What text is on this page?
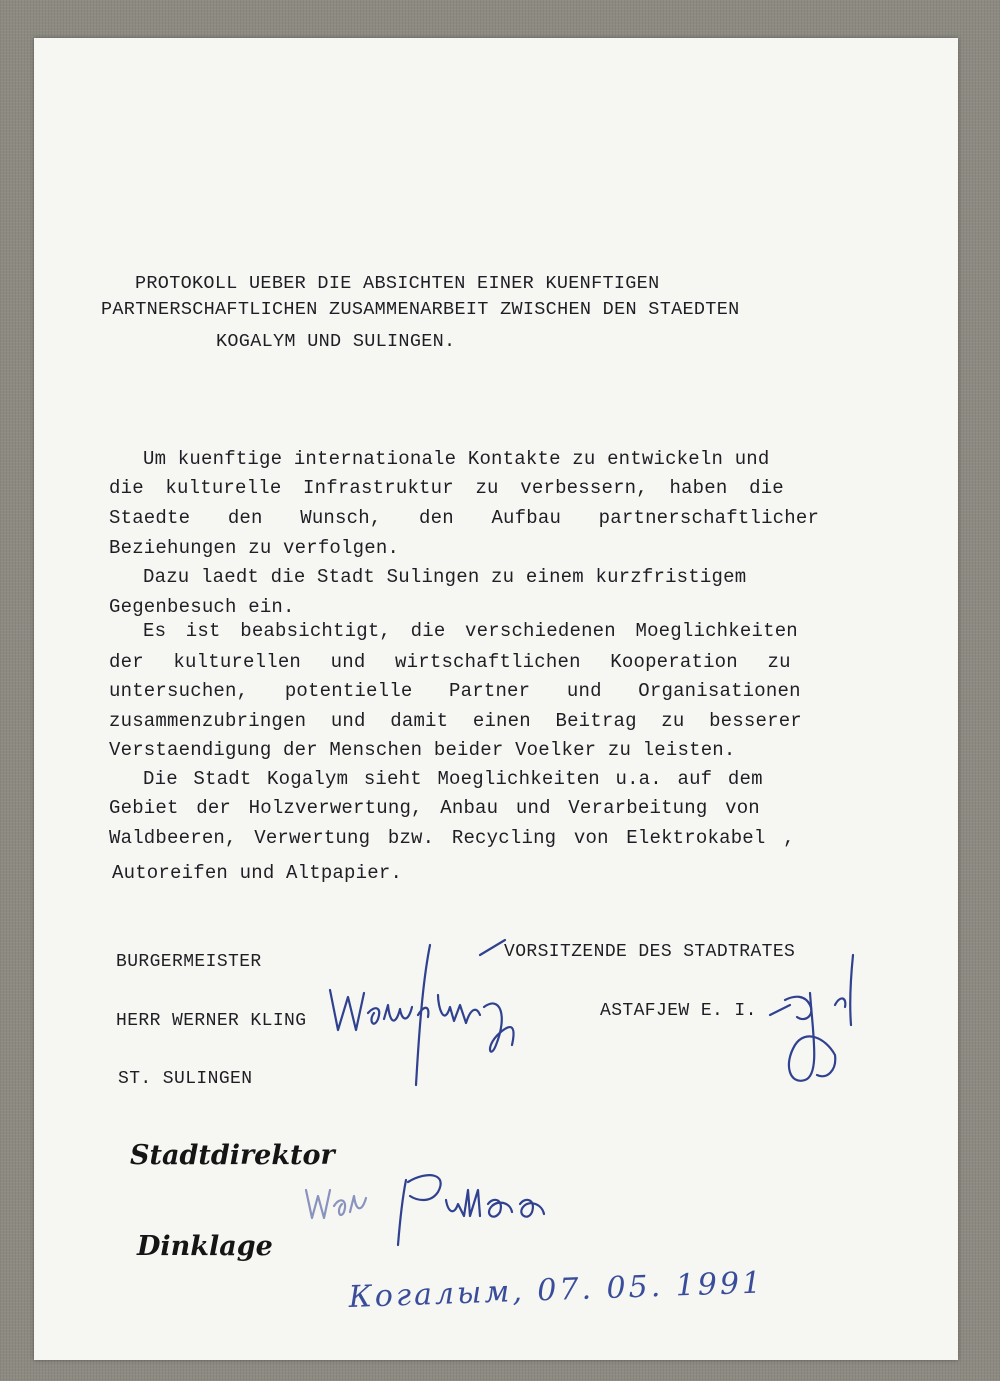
PROTOKOLL UEBER DIE ABSICHTEN EINER KUENFTIGEN
PARTNERSCHAFTLICHEN ZUSAMMENARBEIT ZWISCHEN DEN STAEDTEN
KOGALYM UND SULINGEN.
Um kuenftige internationale Kontakte zu entwickeln und
die kulturelle Infrastruktur zu verbessern, haben die
Staedte den Wunsch, den Aufbau partnerschaftlicher
Beziehungen zu verfolgen.
Dazu laedt die Stadt Sulingen zu einem kurzfristigem
Gegenbesuch ein.
Es ist beabsichtigt, die verschiedenen Moeglichkeiten
der kulturellen und wirtschaftlichen Kooperation zu
untersuchen, potentielle Partner und Organisationen
zusammenzubringen und damit einen Beitrag zu besserer
Verstaendigung der Menschen beider Voelker zu leisten.
Die Stadt Kogalym sieht Moeglichkeiten u.a. auf dem
Gebiet der Holzverwertung, Anbau und Verarbeitung von
Waldbeeren, Verwertung bzw. Recycling von Elektrokabel ,
Autoreifen und Altpapier.
BURGERMEISTER
HERR WERNER KLING
ST. SULINGEN
VORSITZENDE DES STADTRATES
ASTAFJEW E. I.
Stadtdirektor
Dinklage
Когалым, 07. 05. 1991
